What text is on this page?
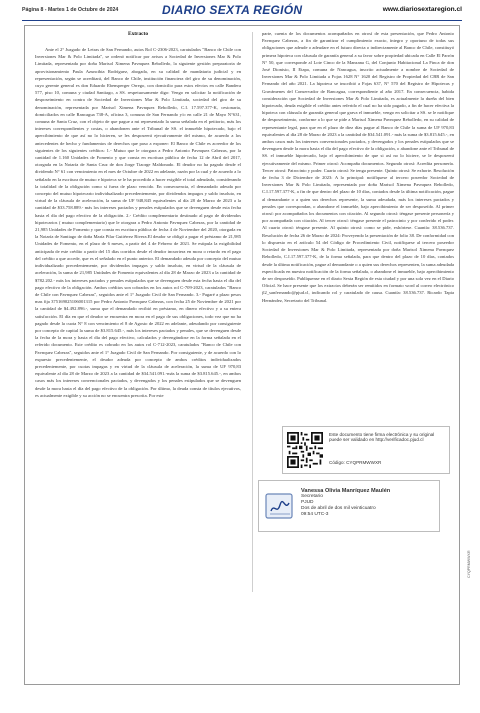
Página 8 - Martes 1 de Octubre de 2024	DIARIO SEXTA REGIÓN	www.diariosextaregion.cl
Extracto

Ante el 2° Juzgado de Letras de San Fernando, autos Rol C-2306-2023, caratulados "Banco de Chile con Inversiones Mar & Polo Limitada", se ordenó notificar por avisos a Sociedad de Inversiones Mar & Polo Limitada, representada por doña Marisol Ximena Pavnquez Rebolledo, la siguiente gestión preparatoria de aprovisionamiento Paula Azuncibia Rodríguez, abogada, en su calidad de mandataria judicial y en representación, según se acreditará, del Banco de Chile, institución financiera del giro de su denominación, cuyo gerente general es don Eduardo Ebensperger Orrego, con domicilio para estos efectos en calle Bandera 577, piso 10, comuna y ciudad Santiago, a SS. respetuosamente digo: Vengo en solicitar la notificación de desposeimiento en contra de Sociedad de Inversiones Mar & Polo Limitada, sociedad del giro de su denominación, representada por Marisol Ximena Pavnquez Rebolledo, C.I. 17.597.377-K, cesionaria, domiciliados en calle Rancagua 738-A, oficina 3, comuna de San Fernando y/o en calle 21 de Mayo N°631, comuna de Santa Cruz, con el objeto de que pague a mi representado la suma señalada en el petitorio, más los intereses correspondientes y costas, o abandonen ante el Tribunal de SS. el inmueble hipotecado, bajo el apercibimiento de que así no lo hicieren, se les desposeerá ejecutivamente del mismo, de acuerdo a los antecedentes de hecho y fundamentos de derechos que paso a exponer: El Banco de Chile es acreedor de los siguientes de los siguientes créditos: 1.- Mutuo que le otorgara a Pedro Antonio Pavnquez Cabezas, por la cantidad de 1.160 Unidades de Fomento y que consta en escritura pública de fecha 12 de Abril del 2017, otorgada en la Notaría de Santa Cruz de don Jorge Tiaorge Maldonado. El deudor no ha pagado desde el dividendo N° 61 con vencimiento en el mes de Octubre de 2022 en adelante, razón por la cual y de acuerdo a lo señalado en la escritura de mutuo e hipoteca se le ha procedido a hacer exigible el total adeudado, considerando la totalidad de la obligación como si fuera de plazo vencido. En consecuencia, el demandado adeuda por concepto del mutuo hipotecario individualizado precedentemente, por dividendos impagos y saldo insoluto, en virtud de la cláusula de aceleración, la suma de UF 948,845 equivalentes al día 28 de Marzo de 2023 a la cantidad de $33.758.889.- más los intereses pactados y penales estipulados que se devenguen desde esta fecha hasta el día del pago efectivo de la obligación. 2.- Crédito complementario destinado al pago de dividendos hipotecarios ( mutuo complementario) que le otorgara a Pedro Antonio Pavnquez Cabezas, por la cantidad de 21,985 Unidades de Fomento y que consta en escritura pública de fecha 4 de Noviembre del 2020, otorgada en la Notaría de Santiago de doña María Pilar Gutiérrez Rivera.El deudor se obligó a pagar el préstamo de 21,985 Unidades de Fomento, en el plazo de 6 meses, a partir del 4 de Febrero de 2021. Se estipula la exigibilidad anticipada de este crédito a partir del 15 días corridos desde el deudor incurriera en mora o retardo en el pago del crédito a que accede, que es el señalado en el punto anterior. El demandado adeuda por concepto del mutuo individualizado precedentemente, por dividendos impagos y saldo insoluto, en virtud de la cláusula de aceleración, la suma de 21,985 Unidades de Fomento equivalentes al día 28 de Marzo de 2023 a la cantidad de $782.202.- más los intereses pactados y penales estipulados que se devenguen desde esta fecha hasta el día del pago efectivo de la obligación. Ambos créditos son cobrados en los autos rol C-709-2023, caratulados "Banco de Chile con Pavnquez Cabezas", seguidos ante el 1° Juzgado Civil de San Fernando. 3.- Pagaré a plazo pesos mas fija 375169025106001315 por Pedro Antonio Pavnquez Cabezas, con fecha 25 de Noviembre de 2021 por la cantidad de $4.492.896.-, suma que el demandado recibió en préstamo, en dinero efectivo y a su entera satisfacción. El día en que el deudor se encuentra en mora en el pago de sus obligaciones, todo vez que no ha pagado desde la cuota N° 8 con vencimiento el 8 de Agosto de 2022 en adelante, adeudando por consiguiente por concepto de capital la suma de $3.815.645.-, más los intereses pactados y penales, que se devenguen desde la fecha de la mora y hasta el día del pago efectivo, calculados y devengándose en la forma señalada en el referido documento. Este crédito es cobrado en los autos rol C-712-2023, caratulados "Banco de Chile con Pavnquez Cabezas", seguidos ante el 1° Juzgado Civil de San Fernando. Por consiguiente, y de acuerdo con lo expuesto precedentemente, el deudor adeuda por concepto de ambos créditos individualizados precedentemente, por cuotas impagas y en virtud de la cláusula de aceleración, la suma de UF 970,83 equivalente al día 28 de Marzo de 2023 a la cantidad de $34.541.091.-más la suma de $3.815.645.-, en ambos casos más los intereses convencionales pactados, y devengados y los penales estipulados que se devenguen desde la mora hasta el día del pago efectivo de la obligación. Por último, la deuda consta de títulos ejecutivos, es actualmente exigible y su acción no se encuentra prescrita. Por este

parte, cuenta de los documentos acompañados en otrosí de esta presentación, que Pedro Antonio Pavnquez Cabezas, a fin de garantizar el cumplimiento exacto, íntegro y oportuno de todas sus obligaciones que adeude o adeudare en el futuro directa o indirectamente al Banco de Chile, constituyó primera hipoteca con cláusula de garantía general a su favor sobre propiedad ubicada en Calle El Parrón N° 50, que corresponde al Lote Cinco de la Manzana G, del Conjunto Habitacional La Finca de don José Dionisio, II Etapa, comuna de Nancagua, inscrito actualmente a nombre de Sociedad de Inversiones Mar & Polo Limitada a Fojas 1628 N° 1620 del Registro de Propiedad del CBR de San Fernando del año 2021. La hipoteca se inscribió a Fojas 637, N° 570 del Registro de Hipotecas y Gravámenes del Conservador de Rancagua, correspondiente al año 2017. En consecuencia, habida consideración que Sociedad de Inversiones Mar & Polo Limitada, es actualmente la dueña del bien hipotecado, deuda exigible el crédito antes referido el cual no ha sido pagado, a fin de hacer efectiva la hipoteca con cláusula de garantía general que grava el inmueble, vengo en solicitar a SS. se le notifique de desposeimiento, conforme a lo que se pide a Marisol Ximena Pavnquez Rebolledo, en su calidad de representante legal, para que en el plazo de diez días pague al Banco de Chile la suma de UF 970,83 equivalentes al día 28 de Marzo de 2023 a la cantidad de $34.541.091.- más la suma de $3.815.645.-, en ambos casos más los intereses convencionales pactados, y devengados y los penales estipulados que se devenguen desde la mora hasta el día del pago efectivo de la obligación, o abandone ante el Tribunal de SS. el inmueble hipotecado, bajo el apercibimiento de que si así no lo hiciere, se le desposeerá ejecutivamente del mismo. Primer otrosí: Acompaña documentos. Segundo otrosí: Acredita personería. Tercer otrosí: Patrocinio y poder. Cuarto otrosí: Se tenga presente. Quinto otrosí: Se exhorte. Resolución de fecha 3 de Diciembre de 2023: A lo principal: notifíquese al tercero poseedor Sociedad de Inversiones Mar & Polo Limitada, representada por doña Marisol Ximena Pavnquez Rebolledo, C.I.17.597.377-K, a fin de que dentro del plazo de 10 días, contados desde la última notificación, pague al demandante o a quien sus derechos represente, la suma adeudada, más los intereses pactados y penales que correspondan, o abandone el inmueble, bajo apercibimiento de ser desposeído. Al primer otrosí: por acompañados los documentos con citación. Al segundo otrosí: téngase presente personería y por acompañada con citación. Al tercer otrosí: téngase presente el patrocinio y por conferido el poder. Al cuarto otrosí: téngase presente. Al quinto otrosí: como se pide, exhórtese. Cuantía: 38.536.737. Resolución de fecha 26 de Marzo de 2024: Proveyendo la presentación de folio 38. De conformidad con lo dispuesto en el artículo 54 del Código de Procedimiento Civil, notifíquese al tercero poseedor Sociedad de Inversiones Mar & Polo Limitada, representada por doña Marisol Ximena Pavnquez Rebolledo, C.I.17.597.377-K, de la forma señalada, para que dentro del plazo de 10 días, contados desde la última notificación, pague al demandante o a quien sus derechos representen, la suma adeudada especificada en nuestra notificación de la forma señalada, o abandone el inmueble, bajo apercibimiento de ser desposeído. Publíquense en el diario Sexta Región de esta ciudad y por una sola vez en el Diario Oficial. Se hace presente que los extractos deberán ser remitidos en formato word al correo electrónico jl2_sanfernando@pjud.cl, indicando rol y caratulado de causa. Cuantía: 38.536.737. Ricardo Tapia Hernández, Secretario del Tribunal.

Este documento tiene firma electrónica y su original puede ser validado en http://verificadoc.pjud.cl
Código: CYQPRMWWXR
Vanessa Olivia Manríquez Maulén
Secretario
PJUD
Dos de abril de dos mil veinticuatro
09:54 UTC-3
CYQPRMWWXR
